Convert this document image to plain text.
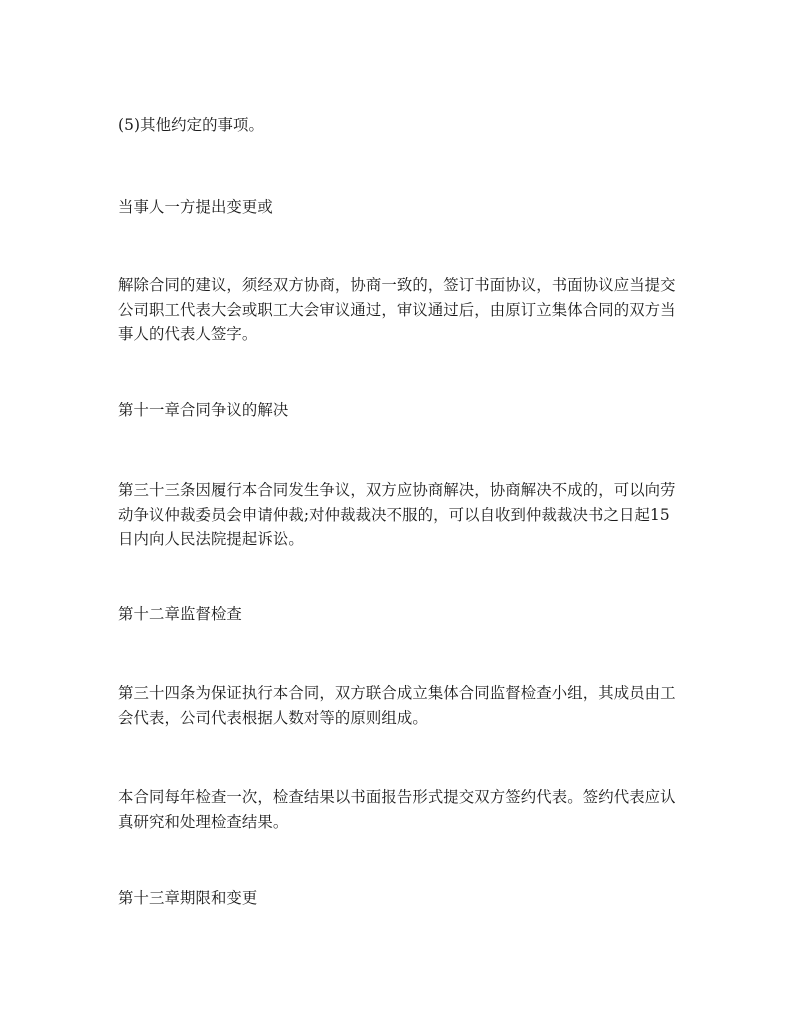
(5)其他约定的事项。
当事人一方提出变更或
解除合同的建议，须经双方协商，协商一致的，签订书面协议，书面协议应当提交
公司职工代表大会或职工大会审议通过，审议通过后，由原订立集体合同的双方当
事人的代表人签字。
第十一章合同争议的解决
第三十三条因履行本合同发生争议，双方应协商解决，协商解决不成的，可以向劳
动争议仲裁委员会申请仲裁;对仲裁裁决不服的，可以自收到仲裁裁决书之日起15
日内向人民法院提起诉讼。
第十二章监督检查
第三十四条为保证执行本合同，双方联合成立集体合同监督检查小组，其成员由工
会代表，公司代表根据人数对等的原则组成。
本合同每年检查一次，检查结果以书面报告形式提交双方签约代表。签约代表应认
真研究和处理检查结果。
第十三章期限和变更
